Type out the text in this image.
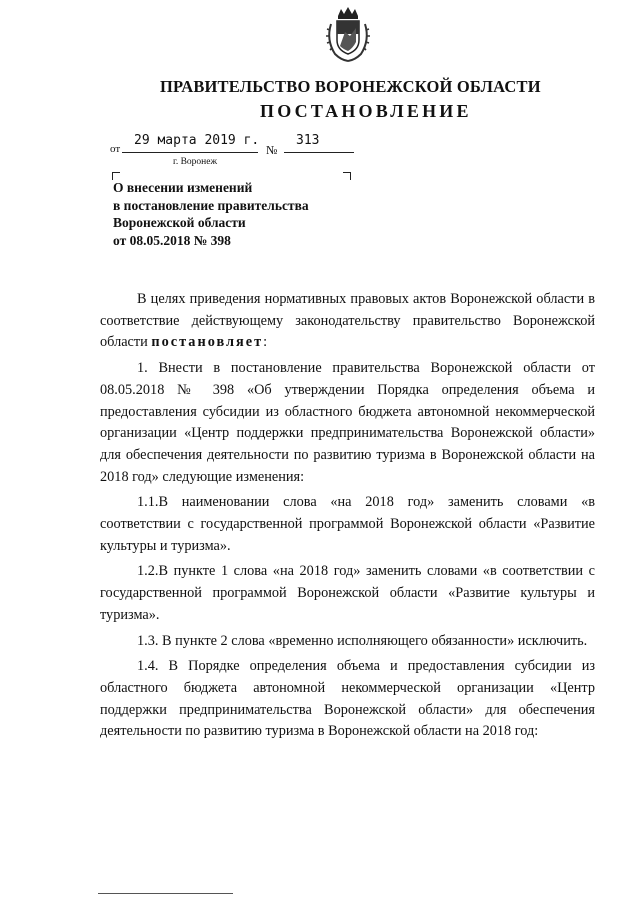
ПРАВИТЕЛЬСТВО ВОРОНЕЖСКОЙ ОБЛАСТИ
ПОСТАНОВЛЕНИЕ
от
29 марта 2019 г.
№
313
г. Воронеж
О внесении изменений
в постановление правительства
Воронежской области
от 08.05.2018 № 398

В целях приведения нормативных правовых актов Воронежской области в соответствие действующему законодательству правительство Воронежской области постановляет:

1. Внести в постановление правительства Воронежской области от 08.05.2018 № 398 «Об утверждении Порядка определения объема и предоставления субсидии из областного бюджета автономной некоммерческой организации «Центр поддержки предпринимательства Воронежской области» для обеспечения деятельности по развитию туризма в Воронежской области на 2018 год» следующие изменения:

1.1.В наименовании слова «на 2018 год» заменить словами «в соответствии с государственной программой Воронежской области «Развитие культуры и туризма».

1.2.В пункте 1 слова «на 2018 год» заменить словами «в соответствии с государственной программой Воронежской области «Развитие культуры и туризма».

1.3. В пункте 2 слова «временно исполняющего обязанности» исключить.

1.4. В Порядке определения объема и предоставления субсидии из областного бюджета автономной некоммерческой организации «Центр поддержки предпринимательства Воронежской области» для обеспечения деятельности по развитию туризма в Воронежской области на 2018 год:
